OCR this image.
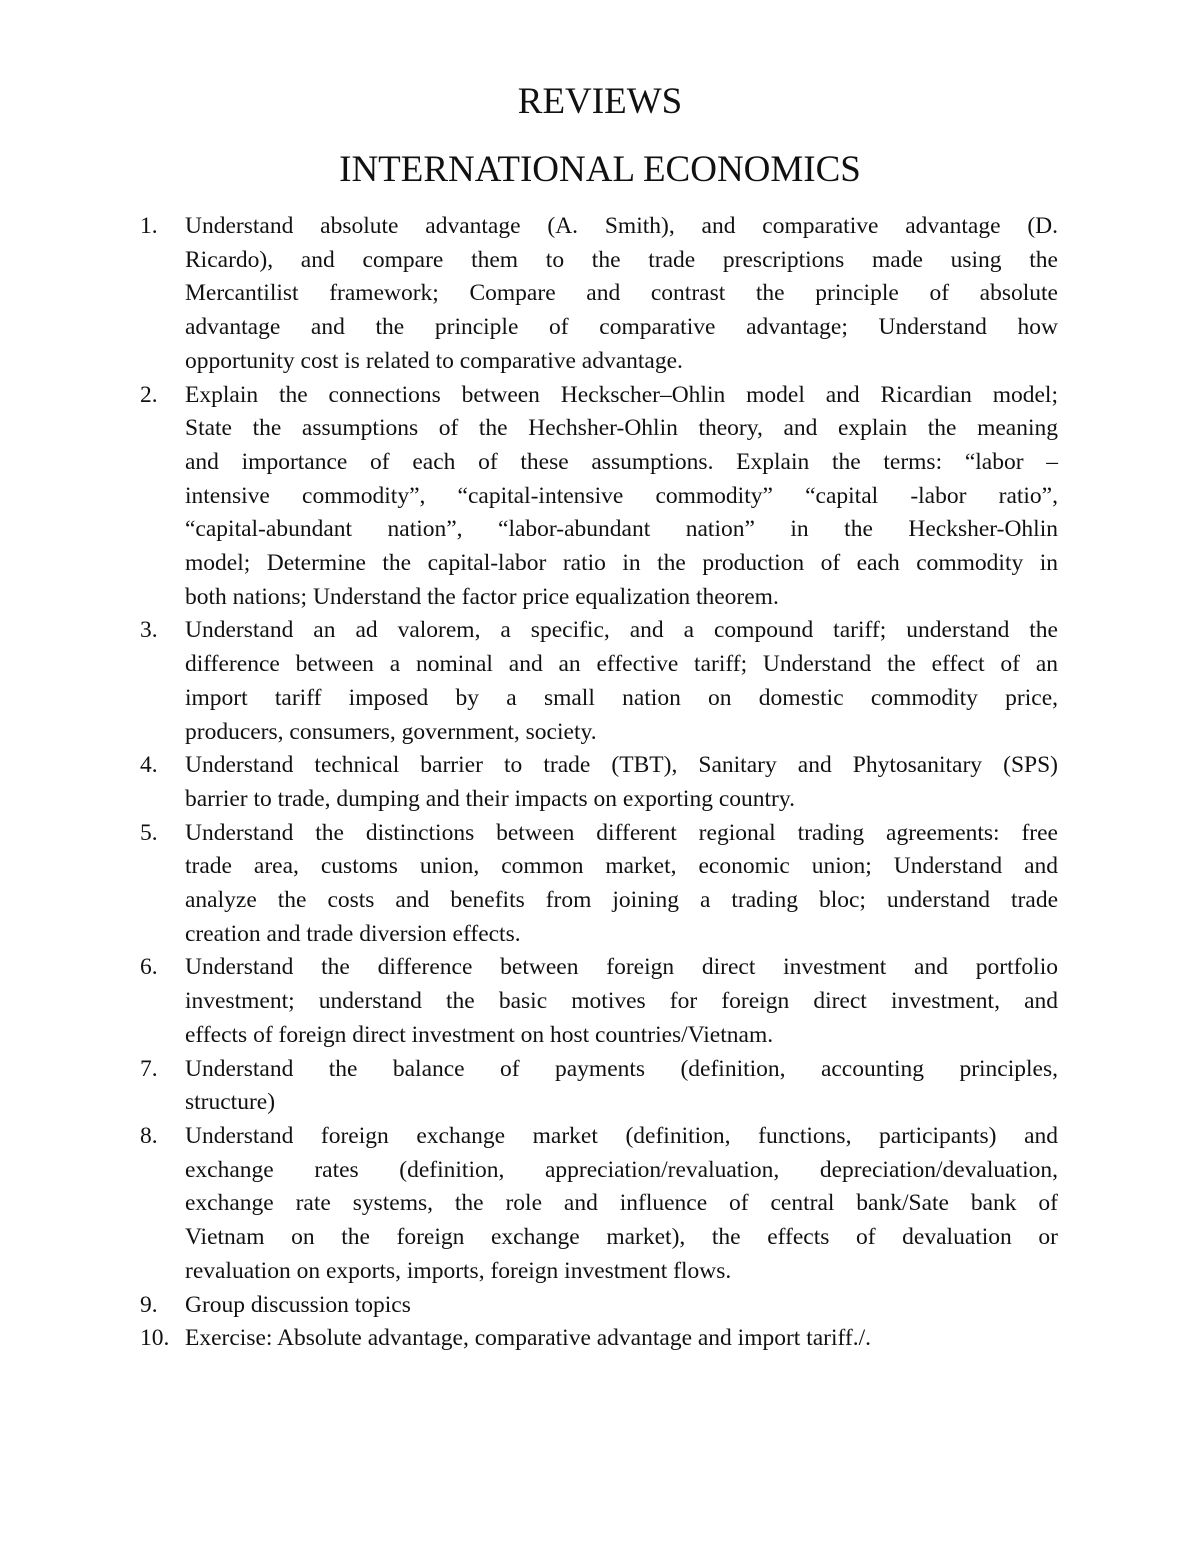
REVIEWS
INTERNATIONAL ECONOMICS
1. Understand absolute advantage (A. Smith), and comparative advantage (D.
Ricardo), and compare them to the trade prescriptions made using the
Mercantilist framework; Compare and contrast the principle of absolute
advantage and the principle of comparative advantage; Understand how
opportunity cost is related to comparative advantage.
2. Explain the connections between Heckscher–Ohlin model and Ricardian model;
State the assumptions of the Hechsher-Ohlin theory, and explain the meaning
and importance of each of these assumptions. Explain the terms: “labor –
intensive commodity”, “capital-intensive commodity” “capital -labor ratio”,
“capital-abundant nation”, “labor-abundant nation” in the Hecksher-Ohlin
model; Determine the capital-labor ratio in the production of each commodity in
both nations; Understand the factor price equalization theorem.
3. Understand an ad valorem, a specific, and a compound tariff; understand the
difference between a nominal and an effective tariff; Understand the effect of an
import tariff imposed by a small nation on domestic commodity price,
producers, consumers, government, society.
4. Understand technical barrier to trade (TBT), Sanitary and Phytosanitary (SPS)
barrier to trade, dumping and their impacts on exporting country.
5. Understand the distinctions between different regional trading agreements: free
trade area, customs union, common market, economic union; Understand and
analyze the costs and benefits from joining a trading bloc; understand trade
creation and trade diversion effects.
6. Understand the difference between foreign direct investment and portfolio
investment; understand the basic motives for foreign direct investment, and
effects of foreign direct investment on host countries/Vietnam.
7. Understand the balance of payments (definition, accounting principles,
structure)
8. Understand foreign exchange market (definition, functions, participants) and
exchange rates (definition, appreciation/revaluation, depreciation/devaluation,
exchange rate systems, the role and influence of central bank/Sate bank of
Vietnam on the foreign exchange market), the effects of devaluation or
revaluation on exports, imports, foreign investment flows.
9. Group discussion topics
10. Exercise: Absolute advantage, comparative advantage and import tariff./.
